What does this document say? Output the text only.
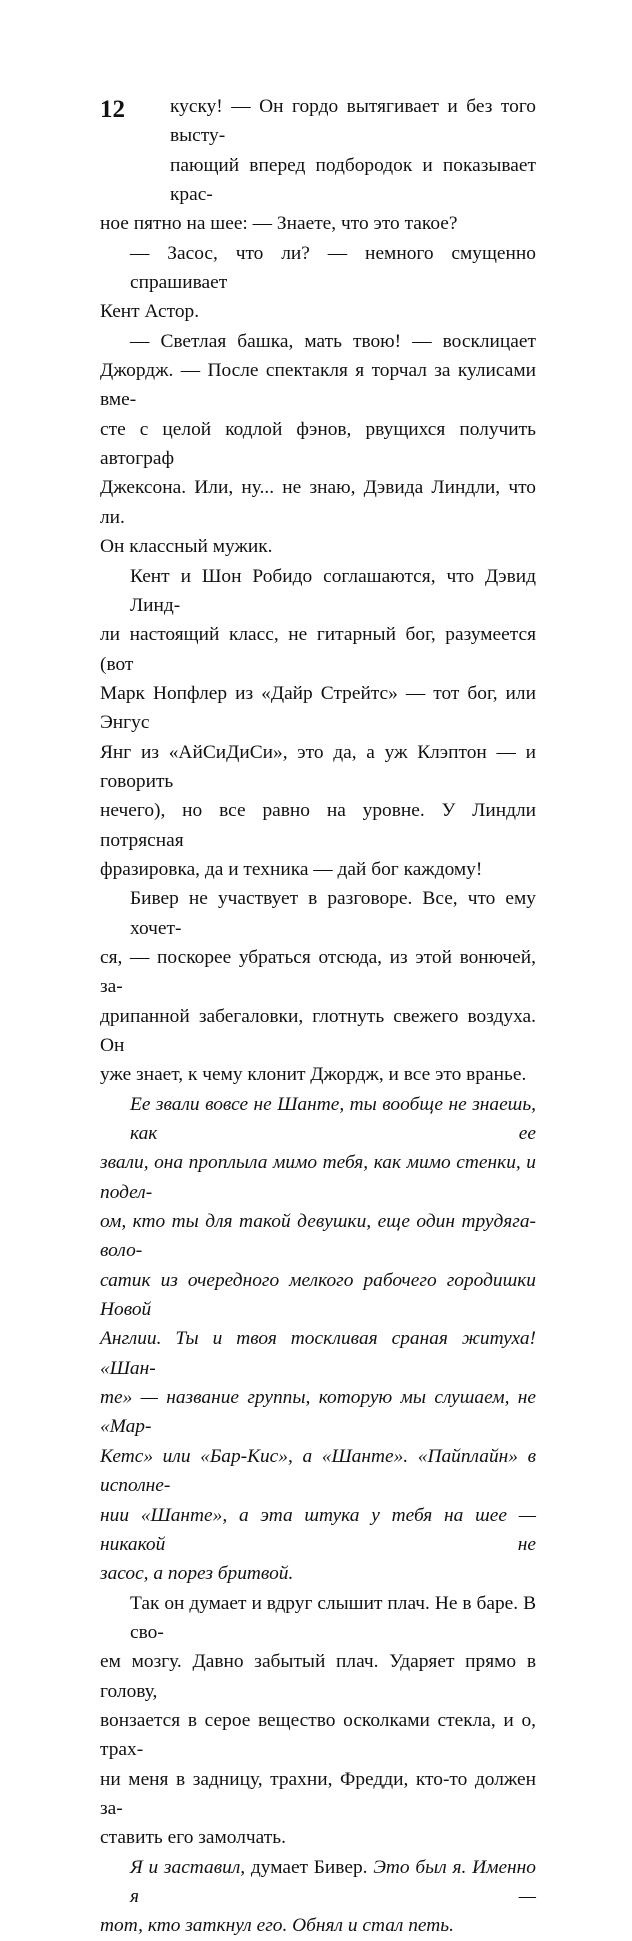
12	куску! — Он гордо вытягивает и без того высту-
пающий вперед подбородок и показывает крас-
ное пятно на шее: — Знаете, что это такое?
— Засос, что ли? — немного смущенно спрашивает
Кент Астор.
— Светлая башка, мать твою! — восклицает
Джордж. — После спектакля я торчал за кулисами вме-
сте с целой кодлой фэнов, рвущихся получить автограф
Джексона. Или, ну... не знаю, Дэвида Линдли, что ли.
Он классный мужик.
Кент и Шон Робидо соглашаются, что Дэвид Линд-
ли настоящий класс, не гитарный бог, разумеется (вот
Марк Нопфлер из «Дайр Стрейтс» — тот бог, или Энгус
Янг из «АйСиДиСи», это да, а уж Клэптон — и говорить
нечего), но все равно на уровне. У Линдли потрясная
фразировка, да и техника — дай бог каждому!
Бивер не участвует в разговоре. Все, что ему хочет-
ся, — поскорее убраться отсюда, из этой вонючей, за-
дрипанной забегаловки, глотнуть свежего воздуха. Он
уже знает, к чему клонит Джордж, и все это вранье.
Ее звали вовсе не Шанте, ты вообще не знаешь, как ее
звали, она проплыла мимо тебя, как мимо стенки, и подел-
ом, кто ты для такой девушки, еще один трудяга-воло-
сатик из очередного мелкого рабочего городишки Новой
Англии. Ты и твоя тоскливая сраная житуха! «Шан-
те» — название группы, которую мы слушаем, не «Мар-
Кетс» или «Бар-Кис», а «Шанте». «Пайплайн» в исполне-
нии «Шанте», а эта штука у тебя на шее — никакой не
засос, а порез бритвой.
Так он думает и вдруг слышит плач. Не в баре. В сво-
ем мозгу. Давно забытый плач. Ударяет прямо в голову,
вонзается в серое вещество осколками стекла, и о, трах-
ни меня в задницу, трахни, Фредди, кто-то должен за-
ставить его замолчать.
Я и заставил, думает Бивер. Это был я. Именно я —
тот, кто заткнул его. Обнял и стал петь.
